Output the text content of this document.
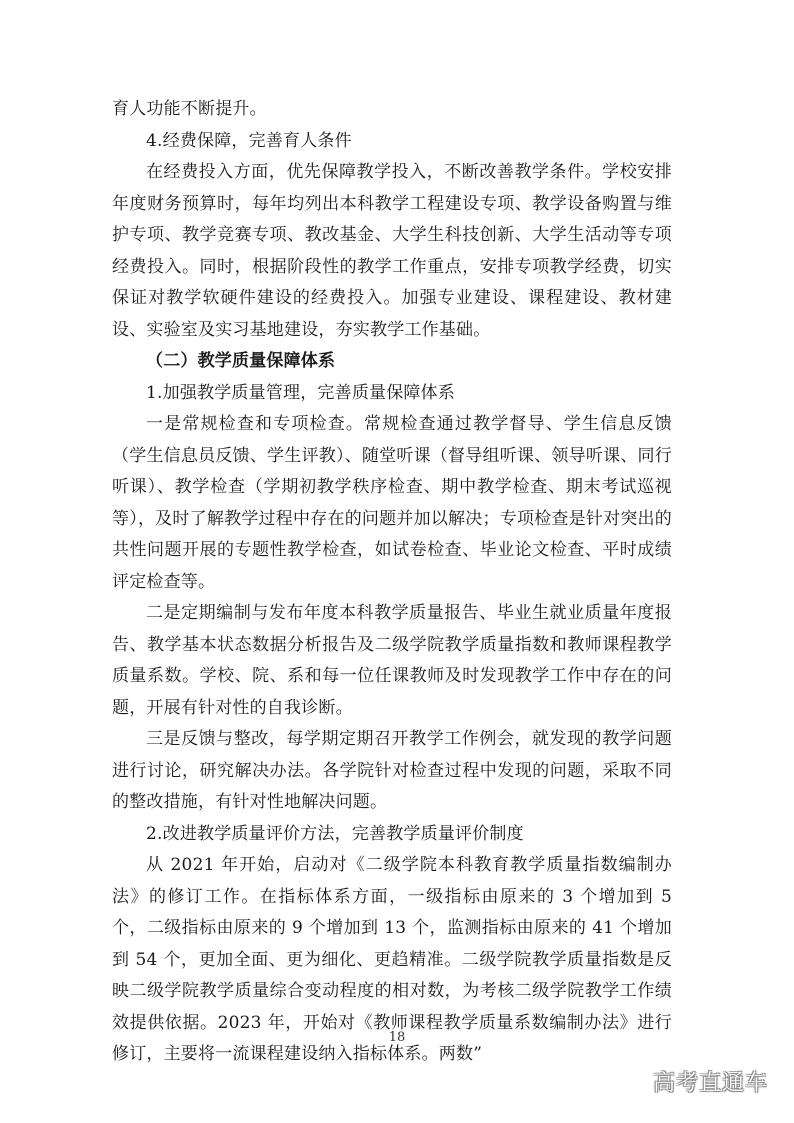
育人功能不断提升。

4.经费保障，完善育人条件

在经费投入方面，优先保障教学投入，不断改善教学条件。学校安排年度财务预算时，每年均列出本科教学工程建设专项、教学设备购置与维护专项、教学竞赛专项、教改基金、大学生科技创新、大学生活动等专项经费投入。同时，根据阶段性的教学工作重点，安排专项教学经费，切实保证对教学软硬件建设的经费投入。加强专业建设、课程建设、教材建设、实验室及实习基地建设，夯实教学工作基础。

（二）教学质量保障体系

1.加强教学质量管理，完善质量保障体系

一是常规检查和专项检查。常规检查通过教学督导、学生信息反馈（学生信息员反馈、学生评教）、随堂听课（督导组听课、领导听课、同行听课）、教学检查（学期初教学秩序检查、期中教学检查、期末考试巡视等），及时了解教学过程中存在的问题并加以解决；专项检查是针对突出的共性问题开展的专题性教学检查，如试卷检查、毕业论文检查、平时成绩评定检查等。

二是定期编制与发布年度本科教学质量报告、毕业生就业质量年度报告、教学基本状态数据分析报告及二级学院教学质量指数和教师课程教学质量系数。学校、院、系和每一位任课教师及时发现教学工作中存在的问题，开展有针对性的自我诊断。

三是反馈与整改，每学期定期召开教学工作例会，就发现的教学问题进行讨论，研究解决办法。各学院针对检查过程中发现的问题，采取不同的整改措施，有针对性地解决问题。

2.改进教学质量评价方法，完善教学质量评价制度

从 2021 年开始，启动对《二级学院本科教育教学质量指数编制办法》的修订工作。在指标体系方面，一级指标由原来的 3 个增加到 5 个，二级指标由原来的 9 个增加到 13 个，监测指标由原来的 41 个增加到 54 个，更加全面、更为细化、更趋精准。二级学院教学质量指数是反映二级学院教学质量综合变动程度的相对数，为考核二级学院教学工作绩效提供依据。2023 年，开始对《教师课程教学质量系数编制办法》进行修订，主要将一流课程建设纳入指标体系。两数”

18
高考直通车
